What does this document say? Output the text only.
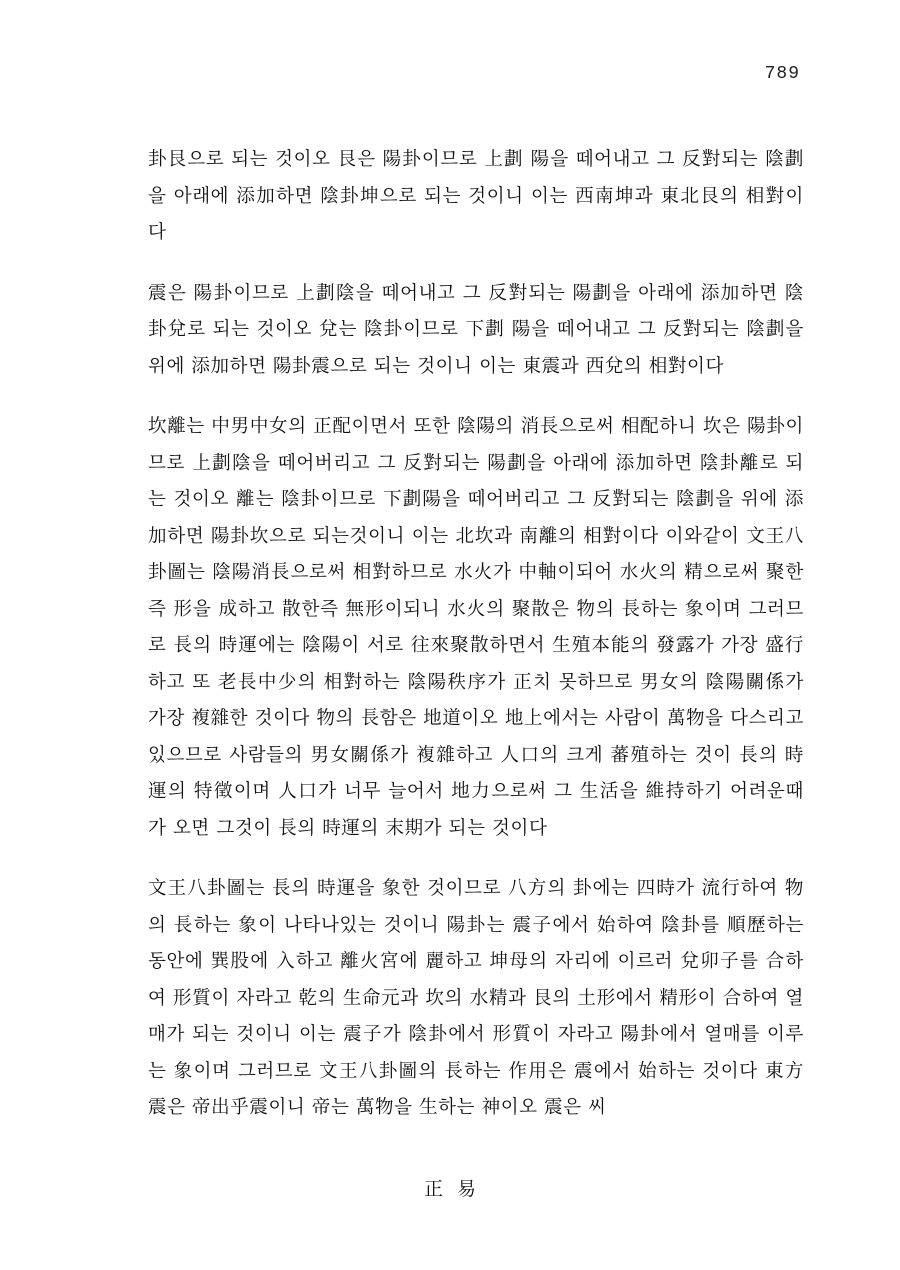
789

卦艮으로 되는 것이오 艮은 陽卦이므로 上劃 陽을 떼어내고 그 反對되는 陰劃을 아래에 添加하면 陰卦坤으로 되는 것이니 이는 西南坤과 東北艮의 相對이다

震은 陽卦이므로 上劃陰을 떼어내고 그 反對되는 陽劃을 아래에 添加하면 陰卦兌로 되는 것이오 兌는 陰卦이므로 下劃 陽을 떼어내고 그 反對되는 陰劃을 위에 添加하면 陽卦震으로 되는 것이니 이는 東震과 西兌의 相對이다

坎離는 中男中女의 正配이면서 또한 陰陽의 消長으로써 相配하니 坎은 陽卦이므로 上劃陰을 떼어버리고 그 反對되는 陽劃을 아래에 添加하면 陰卦離로 되는 것이오 離는 陰卦이므로 下劃陽을 떼어버리고 그 反對되는 陰劃을 위에 添加하면 陽卦坎으로 되는것이니 이는 北坎과 南離의 相對이다 이와같이 文王八卦圖는 陰陽消長으로써 相對하므로 水火가 中軸이되어 水火의 精으로써 聚한즉 形을 成하고 散한즉 無形이되니 水火의 聚散은 物의 長하는 象이며 그러므로 長의 時運에는 陰陽이 서로 往來聚散하면서 生殖本能의 發露가 가장 盛行하고 또 老長中少의 相對하는 陰陽秩序가 正치 못하므로 男女의 陰陽關係가 가장 複雜한 것이다 物의 長함은 地道이오 地上에서는 사람이 萬物을 다스리고 있으므로 사람들의 男女關係가 複雜하고 人口의 크게 蕃殖하는 것이 長의 時運의 特徵이며 人口가 너무 늘어서 地力으로써 그 生活을 維持하기 어려운때가 오면 그것이 長의 時運의 末期가 되는 것이다

文王八卦圖는 長의 時運을 象한 것이므로 八方의 卦에는 四時가 流行하여 物의 長하는 象이 나타나있는 것이니 陽卦는 震子에서 始하여 陰卦를 順歷하는 동안에 巽股에 入하고 離火宮에 麗하고 坤母의 자리에 이르러 兌卯子를 合하여 形質이 자라고 乾의 生命元과 坎의 水精과 艮의 土形에서 精形이 合하여 열매가 되는 것이니 이는 震子가 陰卦에서 形質이 자라고 陽卦에서 열매를 이루는 象이며 그러므로 文王八卦圖의 長하는 作用은 震에서 始하는 것이다 東方震은 帝出乎震이니 帝는 萬物을 生하는 神이오 震은 씨

正易
